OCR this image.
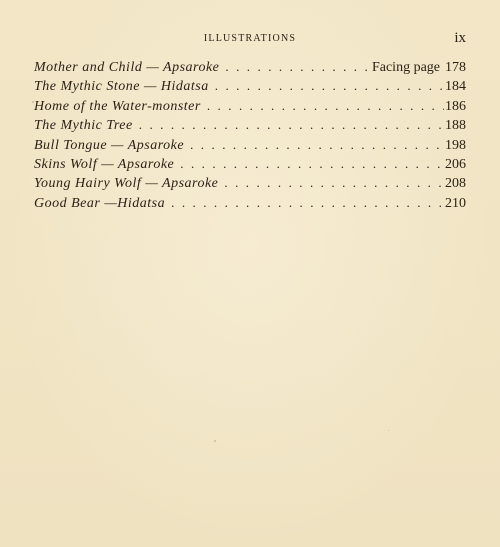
ILLUSTRATIONS	ix
Mother and Child — Apsaroke . . .	Facing page 178
The Mythic Stone — Hidatsa . . .	184
Home of the Water-monster . . .	186
The Mythic Tree . . .	188
Bull Tongue — Apsaroke . . .	198
Skins Wolf — Apsaroke . . .	206
Young Hairy Wolf — Apsaroke . . .	208
Good Bear —Hidatsa . . .	210
